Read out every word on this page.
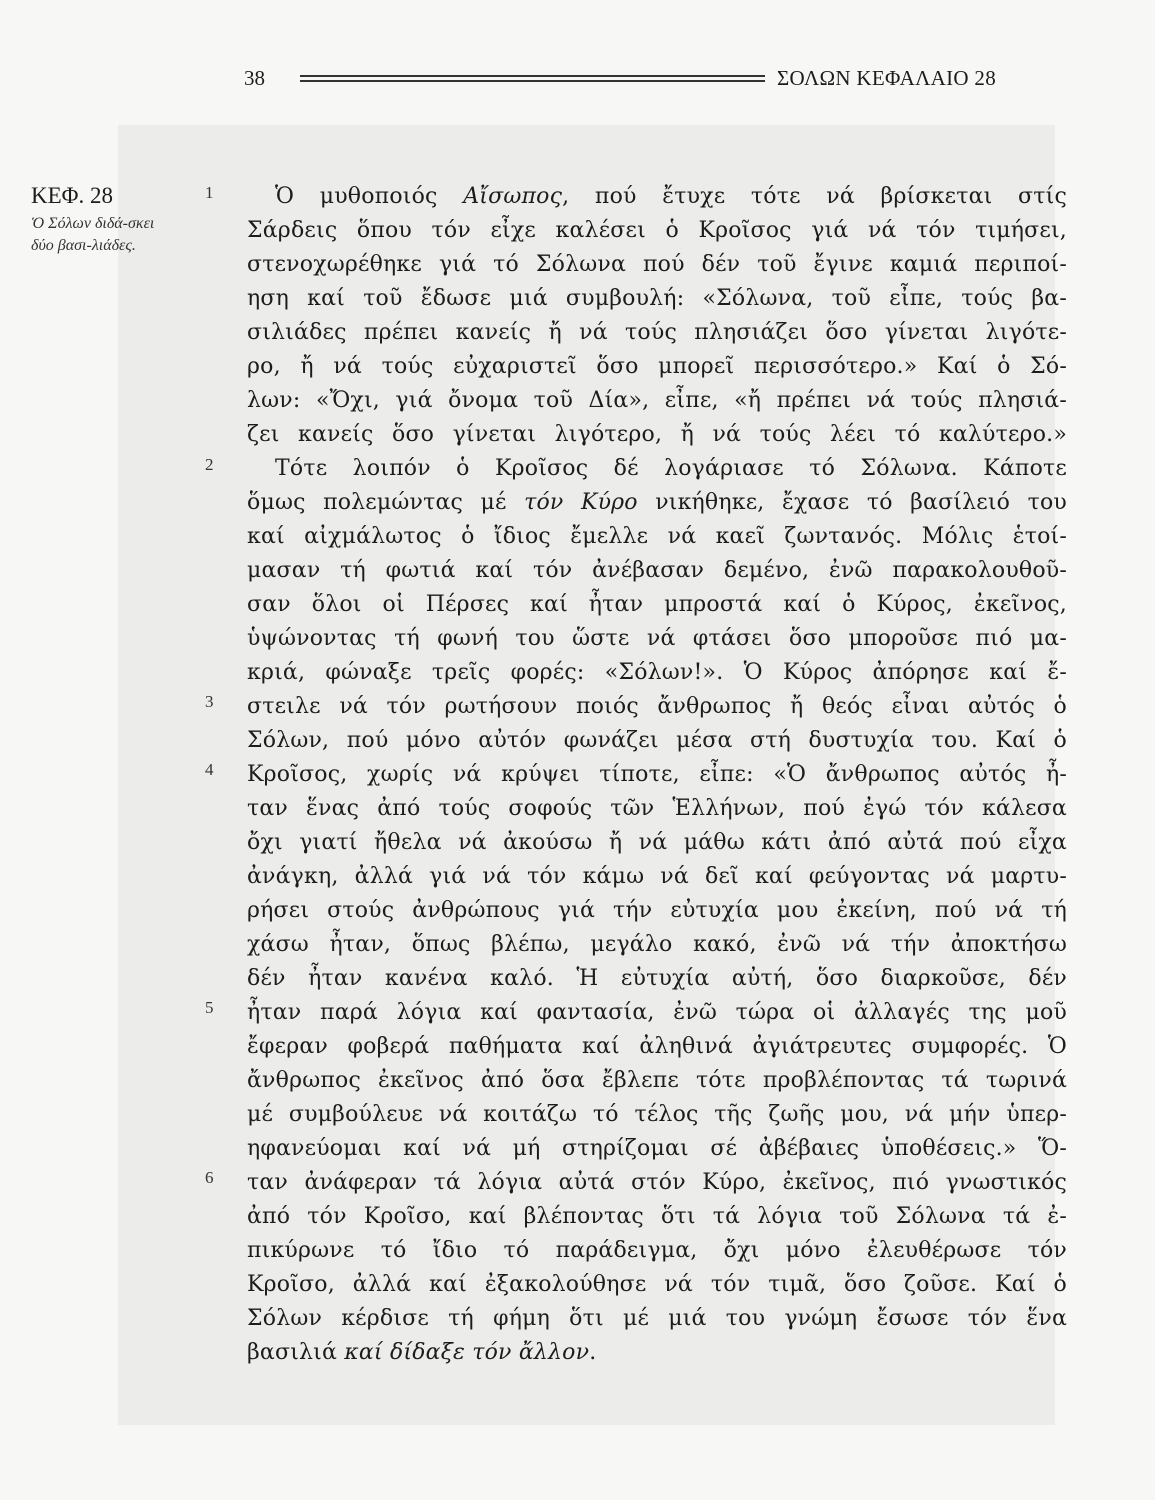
38	ΣΟΛΩΝ ΚΕΦΑΛΑΙΟ 28
ΚΕΦ. 28
Ὁ Σόλων διδά-σκει δύο βασι-λιάδες.
1
2
3
4
5
6
Ὁ μυθοποιός Αἴσωπος, πού ἔτυχε τότε νά βρίσκεται στίς
Σάρδεις ὅπου τόν εἶχε καλέσει ὁ Κροῖσος γιά νά τόν τιμήσει,
στενοχωρέθηκε γιά τό Σόλωνα πού δέν τοῦ ἔγινε καμιά περιποί-
ηση καί τοῦ ἔδωσε μιά συμβουλή: «Σόλωνα, τοῦ εἶπε, τούς βα-
σιλιάδες πρέπει κανείς ἤ νά τούς πλησιάζει ὅσο γίνεται λιγότε-
ρο, ἤ νά τούς εὐχαριστεῖ ὅσο μπορεῖ περισσότερο.» Καί ὁ Σό-
λων: «Ὄχι, γιά ὄνομα τοῦ Δία», εἶπε, «ἤ πρέπει νά τούς πλησιά-
ζει κανείς ὅσο γίνεται λιγότερο, ἤ νά τούς λέει τό καλύτερο.»
Τότε λοιπόν ὁ Κροῖσος δέ λογάριασε τό Σόλωνα. Κάποτε
ὅμως πολεμώντας μέ τόν Κύρο νικήθηκε, ἔχασε τό βασίλειό του
καί αἰχμάλωτος ὁ ἴδιος ἔμελλε νά καεῖ ζωντανός. Μόλις ἑτοί-
μασαν τή φωτιά καί τόν ἀνέβασαν δεμένο, ἐνῶ παρακολουθοῦ-
σαν ὅλοι οἱ Πέρσες καί ἦταν μπροστά καί ὁ Κύρος, ἐκεῖνος,
ὑψώνοντας τή φωνή του ὥστε νά φτάσει ὅσο μποροῦσε πιό μα-
κριά, φώναξε τρεῖς φορές: «Σόλων!». Ὁ Κύρος ἀπόρησε καί ἔ-
στειλε νά τόν ρωτήσουν ποιός ἄνθρωπος ἤ θεός εἶναι αὐτός ὁ
Σόλων, πού μόνο αὐτόν φωνάζει μέσα στή δυστυχία του. Καί ὁ
Κροῖσος, χωρίς νά κρύψει τίποτε, εἶπε: «Ὁ ἄνθρωπος αὐτός ἦ-
ταν ἕνας ἀπό τούς σοφούς τῶν Ἑλλήνων, πού ἐγώ τόν κάλεσα
ὄχι γιατί ἤθελα νά ἀκούσω ἤ νά μάθω κάτι ἀπό αὐτά πού εἶχα
ἀνάγκη, ἀλλά γιά νά τόν κάμω νά δεῖ καί φεύγοντας νά μαρτυ-
ρήσει στούς ἀνθρώπους γιά τήν εὐτυχία μου ἐκείνη, πού νά τή
χάσω ἦταν, ὅπως βλέπω, μεγάλο κακό, ἐνῶ νά τήν ἀποκτήσω
δέν ἦταν κανένα καλό. Ἡ εὐτυχία αὐτή, ὅσο διαρκοῦσε, δέν
ἦταν παρά λόγια καί φαντασία, ἐνῶ τώρα οἱ ἀλλαγές της μοῦ
ἔφεραν φοβερά παθήματα καί ἀληθινά ἀγιάτρευτες συμφορές. Ὁ
ἄνθρωπος ἐκεῖνος ἀπό ὅσα ἔβλεπε τότε προβλέποντας τά τωρινά
μέ συμβούλευε νά κοιτάζω τό τέλος τῆς ζωῆς μου, νά μήν ὑπερ-
ηφανεύομαι καί νά μή στηρίζομαι σέ ἀβέβαιες ὑποθέσεις.» Ὅ-
ταν ἀνάφεραν τά λόγια αὐτά στόν Κύρο, ἐκεῖνος, πιό γνωστικός
ἀπό τόν Κροῖσο, καί βλέποντας ὅτι τά λόγια τοῦ Σόλωνα τά ἐ-
πικύρωνε τό ἴδιο τό παράδειγμα, ὄχι μόνο ἐλευθέρωσε τόν
Κροῖσο, ἀλλά καί ἐξακολούθησε νά τόν τιμᾶ, ὅσο ζοῦσε. Καί ὁ
Σόλων κέρδισε τή φήμη ὅτι μέ μιά του γνώμη ἔσωσε τόν ἕνα
βασιλιά καί δίδαξε τόν ἄλλον.
